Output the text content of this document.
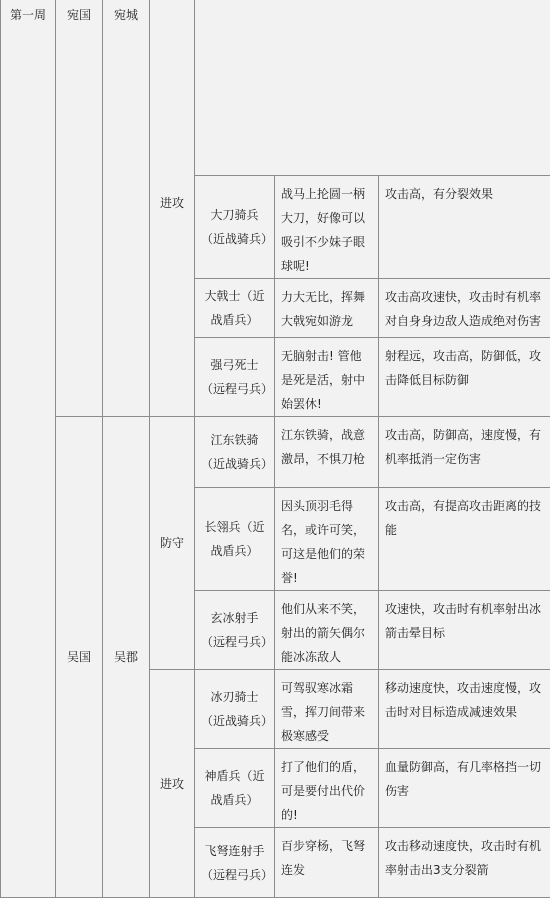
第一周	宛国	宛城	进攻			
				大刀骑兵（近战骑兵）	战马上抡圆一柄大刀，好像可以吸引不少妹子眼球呢!	攻击高，有分裂效果
				大戟士（近战盾兵）	力大无比，挥舞大戟宛如游龙	攻击高攻速快，攻击时有机率对自身身边敌人造成绝对伤害
				强弓死士（远程弓兵）	无脑射击! 管他是死是活，射中始罢休!	射程远，攻击高，防御低，攻击降低目标防御
	吴国	吴郡	防守	江东铁骑（近战骑兵）	江东铁骑，战意激昂，不惧刀枪	攻击高，防御高，速度慢，有机率抵消一定伤害
				长翎兵（近战盾兵）	因头顶羽毛得名，或许可笑，可这是他们的荣誉!	攻击高，有提高攻击距离的技能
				玄冰射手（远程弓兵）	他们从来不笑，射出的箭矢偶尔能冰冻敌人	攻速快，攻击时有机率射出冰箭击晕目标
			进攻	冰刃骑士（近战骑兵）	可驾驭寒冰霜雪，挥刀间带来极寒感受	移动速度快，攻击速度慢，攻击时对目标造成减速效果
				神盾兵（近战盾兵）	打了他们的盾，可是要付出代价的!	血量防御高，有几率格挡一切伤害
				飞弩连射手（远程弓兵）	百步穿杨，飞弩连发	攻击移动速度快，攻击时有机率射击出3支分裂箭
